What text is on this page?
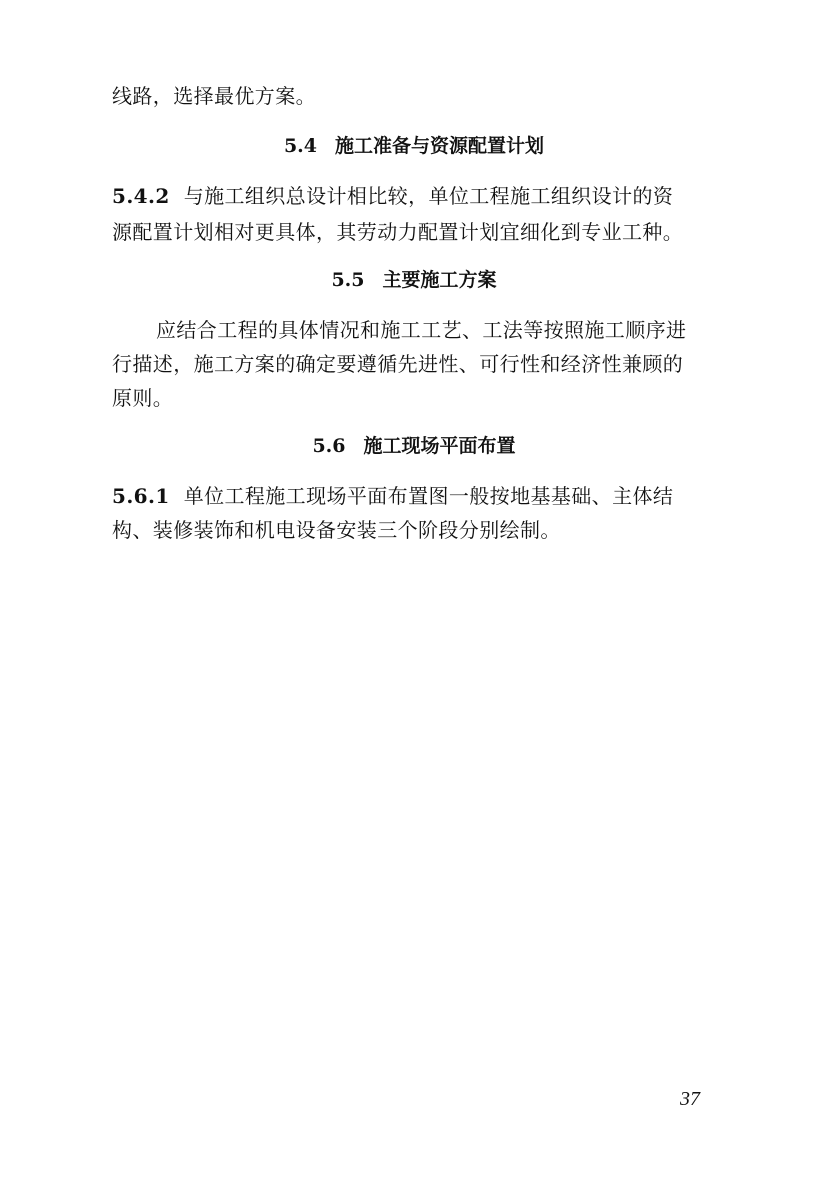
线路，选择最优方案。
5.4 施工准备与资源配置计划
5.4.2 与施工组织总设计相比较，单位工程施工组织设计的资
源配置计划相对更具体，其劳动力配置计划宜细化到专业工种。
5.5 主要施工方案
应结合工程的具体情况和施工工艺、工法等按照施工顺序进
行描述，施工方案的确定要遵循先进性、可行性和经济性兼顾的
原则。
5.6 施工现场平面布置
5.6.1 单位工程施工现场平面布置图一般按地基基础、主体结
构、装修装饰和机电设备安装三个阶段分别绘制。
37
